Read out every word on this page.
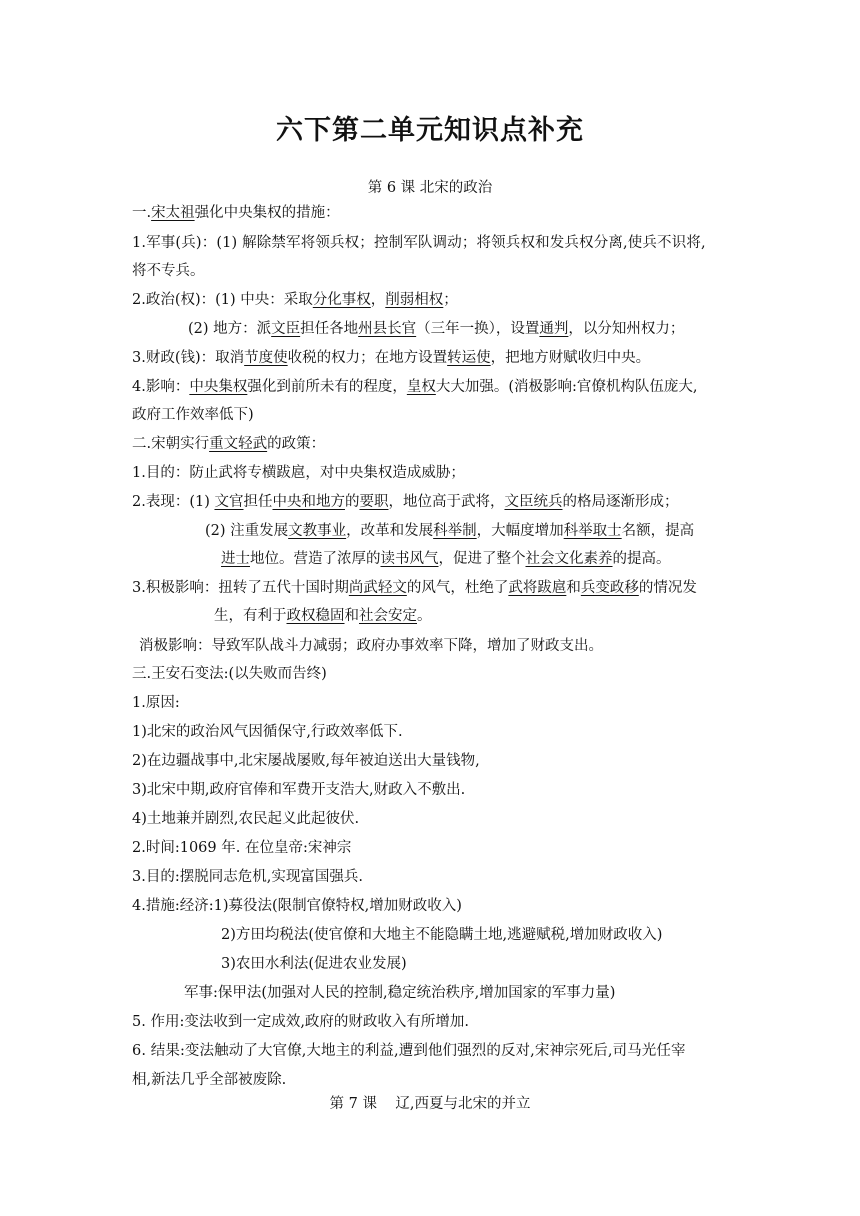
六下第二单元知识点补充
第 6 课 北宋的政治
一.宋太祖强化中央集权的措施：
1.军事(兵)：(1) 解除禁军将领兵权；控制军队调动；将领兵权和发兵权分离,使兵不识将,
将不专兵。
2.政治(权)：(1) 中央：采取分化事权，削弱相权；
(2) 地方：派文臣担任各地州县长官（三年一换），设置通判，以分知州权力；
3.财政(钱)：取消节度使收税的权力；在地方设置转运使，把地方财赋收归中央。
4.影响：中央集权强化到前所未有的程度，皇权大大加强。(消极影响:官僚机构队伍庞大,
政府工作效率低下)
二.宋朝实行重文轻武的政策：
1.目的：防止武将专横跋扈，对中央集权造成威胁；
2.表现：(1) 文官担任中央和地方的要职，地位高于武将，文臣统兵的格局逐渐形成；
(2) 注重发展文教事业，改革和发展科举制，大幅度增加科举取士名额，提高
进士地位。营造了浓厚的读书风气，促进了整个社会文化素养的提高。
3.积极影响：扭转了五代十国时期尚武轻文的风气，杜绝了武将跋扈和兵变政移的情况发
生，有利于政权稳固和社会安定。
消极影响：导致军队战斗力减弱；政府办事效率下降，增加了财政支出。
三.王安石变法:(以失败而告终)
1.原因:
1)北宋的政治风气因循保守,行政效率低下.
2)在边疆战事中,北宋屡战屡败,每年被迫送出大量钱物,
3)北宋中期,政府官俸和军费开支浩大,财政入不敷出.
4)土地兼并剧烈,农民起义此起彼伏.
2.时间:1069 年. 在位皇帝:宋神宗
3.目的:摆脱同志危机,实现富国强兵.
4.措施:经济:1)募役法(限制官僚特权,增加财政收入)
2)方田均税法(使官僚和大地主不能隐瞒土地,逃避赋税,增加财政收入)
3)农田水利法(促进农业发展)
军事:保甲法(加强对人民的控制,稳定统治秩序,增加国家的军事力量)
5. 作用:变法收到一定成效,政府的财政收入有所增加.
6. 结果:变法触动了大官僚,大地主的利益,遭到他们强烈的反对,宋神宗死后,司马光任宰
相,新法几乎全部被废除.
第 7 课    辽,西夏与北宋的并立
